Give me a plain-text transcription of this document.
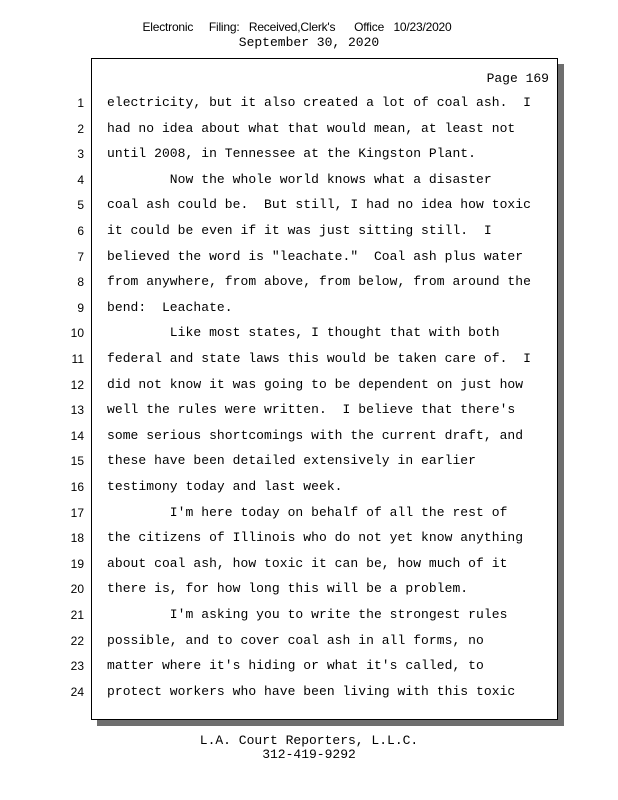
Electronic     Filing:   Received,Clerk's      Office   10/23/2020
September 30, 2020
Page 169
1 electricity, but it also created a lot of coal ash.  I
2 had no idea about what that would mean, at least not
3 until 2008, in Tennessee at the Kingston Plant.
4 Now the whole world knows what a disaster
5 coal ash could be.  But still, I had no idea how toxic
6 it could be even if it was just sitting still.  I
7 believed the word is "leachate."  Coal ash plus water
8 from anywhere, from above, from below, from around the
9 bend:  Leachate.
10 Like most states, I thought that with both
11 federal and state laws this would be taken care of.  I
12 did not know it was going to be dependent on just how
13 well the rules were written.  I believe that there's
14 some serious shortcomings with the current draft, and
15 these have been detailed extensively in earlier
16 testimony today and last week.
17 I'm here today on behalf of all the rest of
18 the citizens of Illinois who do not yet know anything
19 about coal ash, how toxic it can be, how much of it
20 there is, for how long this will be a problem.
21 I'm asking you to write the strongest rules
22 possible, and to cover coal ash in all forms, no
23 matter where it's hiding or what it's called, to
24 protect workers who have been living with this toxic
L.A. Court Reporters, L.L.C.
312-419-9292
